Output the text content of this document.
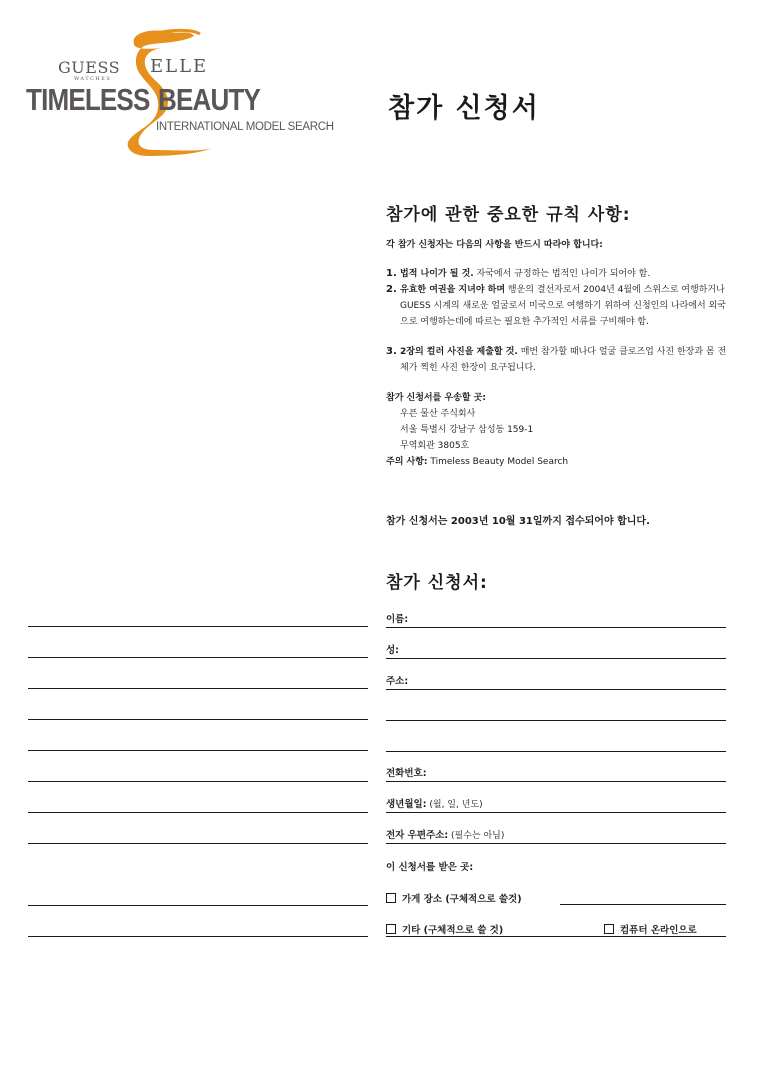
GUESS
WATCHES
ELLE
TIMELESS BEAUTY
INTERNATIONAL MODEL SEARCH
참가 신청서
참가에 관한 중요한 규칙 사항:
각 참가 신청자는 다음의 사항을 반드시 따라야 합니다:
1. 법적 나이가 될 것. 자국에서 규정하는 법적인 나이가 되어야 함.
2. 유효한 여권을 지녀야 하며 행운의 결선자로서 2004년 4월에 스위스로 여행하거나 GUESS 시계의 새로운 얼굴로서 미국으로 여행하기 위하여 신청인의 나라에서 외국으로 여행하는데에 따르는 필요한 추가적인 서류를 구비해야 함.
3. 2장의 컬러 사진을 제출할 것. 매번 참가할 때나다 얼굴 클로즈업 사진 한장과 몸 전체가 찍힌 사진 한장이 요구됩니다.
참가 신청서를 우송할 곳:
우픈 물산 주식회사
서울 특별시 강남구 삼성동 159-1
무역회관 3805호
주의 사항: Timeless Beauty Model Search
참가 신청서는 2003년 10월 31일까지 접수되어야 합니다.
참가 신청서:
이름:
성:
주소:
전화번호:
생년월일: (월, 일, 년도)
전자 우편주소: (필수는 아님)
이 신청서를 받은 곳:
가게 장소 (구체적으로 쓸것)
기타 (구체적으로 쓸 것)	컴퓨터 온라인으로
